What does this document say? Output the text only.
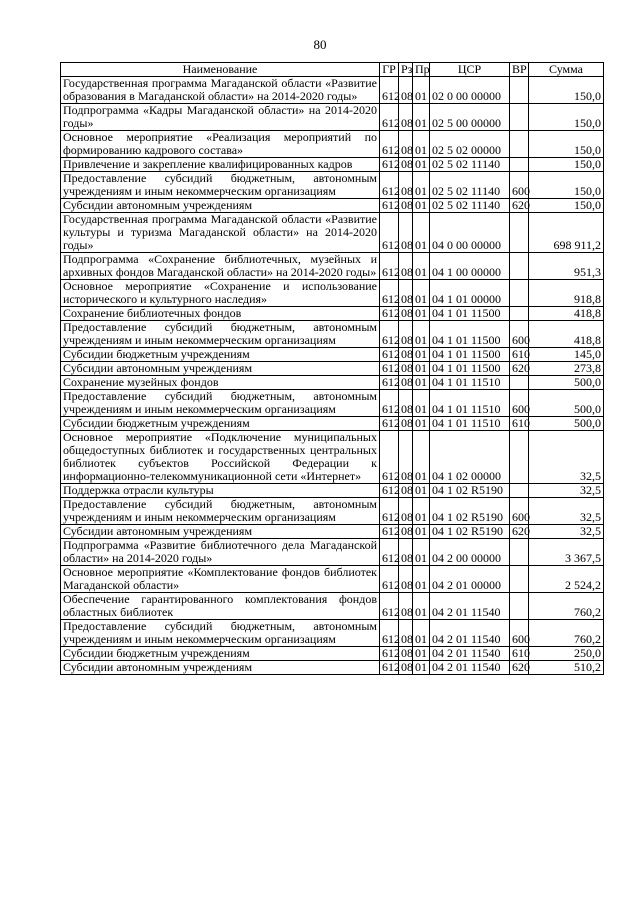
80
Наименование	ГР	Рз	Пр	ЦСР	ВР	Сумма
Государственная программа Магаданской области «Развитие образования в Магаданской области» на 2014-2020 годы»	612	08	01	02 0 00 00000		150,0
Подпрограмма «Кадры Магаданской области» на 2014-2020 годы»	612	08	01	02 5 00 00000		150,0
Основное мероприятие «Реализация мероприятий по формированию кадрового состава»	612	08	01	02 5 02 00000		150,0
Привлечение и закрепление квалифицированных кадров	612	08	01	02 5 02 11140		150,0
Предоставление субсидий бюджетным, автономным учреждениям и иным некоммерческим организациям	612	08	01	02 5 02 11140	600	150,0
Субсидии автономным учреждениям	612	08	01	02 5 02 11140	620	150,0
Государственная программа Магаданской области «Развитие культуры и туризма Магаданской области» на 2014-2020 годы»	612	08	01	04 0 00 00000		698 911,2
Подпрограмма «Сохранение библиотечных, музейных и архивных фондов Магаданской области» на 2014-2020 годы»	612	08	01	04 1 00 00000		951,3
Основное мероприятие «Сохранение и использование исторического и культурного наследия»	612	08	01	04 1 01 00000		918,8
Сохранение библиотечных фондов	612	08	01	04 1 01 11500		418,8
Предоставление субсидий бюджетным, автономным учреждениям и иным некоммерческим организациям	612	08	01	04 1 01 11500	600	418,8
Субсидии бюджетным учреждениям	612	08	01	04 1 01 11500	610	145,0
Субсидии автономным учреждениям	612	08	01	04 1 01 11500	620	273,8
Сохранение музейных фондов	612	08	01	04 1 01 11510		500,0
Предоставление субсидий бюджетным, автономным учреждениям и иным некоммерческим организациям	612	08	01	04 1 01 11510	600	500,0
Субсидии бюджетным учреждениям	612	08	01	04 1 01 11510	610	500,0
Основное мероприятие «Подключение муниципальных общедоступных библиотек и государственных центральных библиотек субъектов Российской Федерации к информационно-телекоммуникационной сети «Интернет»	612	08	01	04 1 02 00000		32,5
Поддержка отрасли культуры	612	08	01	04 1 02 R5190		32,5
Предоставление субсидий бюджетным, автономным учреждениям и иным некоммерческим организациям	612	08	01	04 1 02 R5190	600	32,5
Субсидии автономным учреждениям	612	08	01	04 1 02 R5190	620	32,5
Подпрограмма «Развитие библиотечного дела Магаданской области» на 2014-2020 годы»	612	08	01	04 2 00 00000		3 367,5
Основное мероприятие «Комплектование фондов библиотек Магаданской области»	612	08	01	04 2 01 00000		2 524,2
Обеспечение гарантированного комплектования фондов областных библиотек	612	08	01	04 2 01 11540		760,2
Предоставление субсидий бюджетным, автономным учреждениям и иным некоммерческим организациям	612	08	01	04 2 01 11540	600	760,2
Субсидии бюджетным учреждениям	612	08	01	04 2 01 11540	610	250,0
Субсидии автономным учреждениям	612	08	01	04 2 01 11540	620	510,2
